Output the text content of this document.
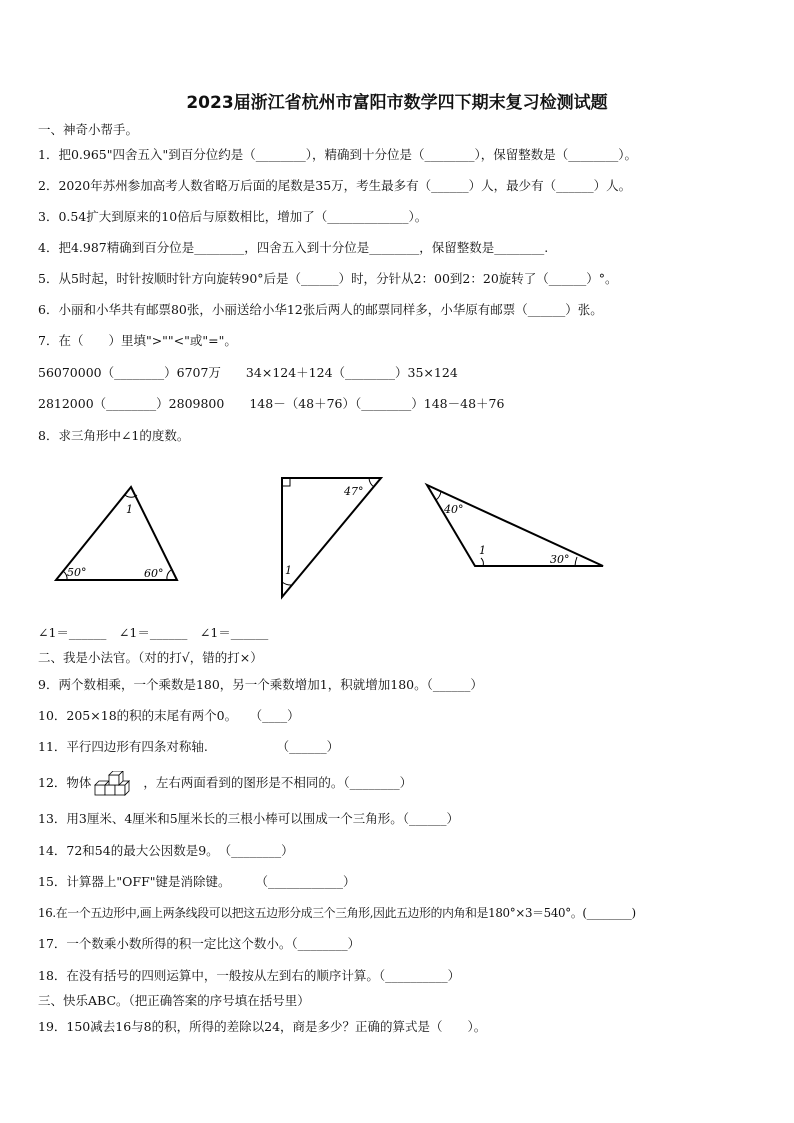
2023届浙江省杭州市富阳市数学四下期末复习检测试题
一、神奇小帮手。
1．把0.965"四舍五入"到百分位约是（________），精确到十分位是（________），保留整数是（________）。
2．2020年苏州参加高考人数省略万后面的尾数是35万，考生最多有（______）人，最少有（______）人。
3．0.54扩大到原来的10倍后与原数相比，增加了（_____________）。
4．把4.987精确到百分位是________，四舍五入到十分位是________，保留整数是________.
5．从5时起，时针按顺时针方向旋转90°后是（______）时，分针从2：00到2：20旋转了（______）°。
6．小丽和小华共有邮票80张，小丽送给小华12张后两人的邮票同样多，小华原有邮票（______）张。
7．在（　　）里填">""<"或"="。
56070000（________）6707万　　34×124＋124（________）35×124
2812000（________）2809800　　148－（48＋76）（________）148－48＋76
8．求三角形中∠1的度数。
1
50°	60°
47°
1
40°
1
30°
∠1＝______　∠1＝______　∠1＝______
二、我是小法官。（对的打√，错的打×）
9．两个数相乘，一个乘数是180，另一个乘数增加1，积就增加180。（______）
10．205×18的积的末尾有两个0。　　（____）
11．平行四边形有四条对称轴.　　　　　　（______）
12．物体	，左右两面看到的图形是不相同的。（________）
13．用3厘米、4厘米和5厘米长的三根小棒可以围成一个三角形。（______）
14．72和54的最大公因数是9。　（________）
15．计算器上"OFF"键是消除键。　　　（____________）
16.在一个五边形中,画上两条线段可以把这五边形分成三个三角形,因此五边形的内角和是180°×3＝540°。(________)
17．一个数乘小数所得的积一定比这个数小。（________）
18．在没有括号的四则运算中，一般按从左到右的顺序计算。（__________）
三、快乐ABC。（把正确答案的序号填在括号里）
19．150减去16与8的积，所得的差除以24，商是多少？正确的算式是（　　）。
